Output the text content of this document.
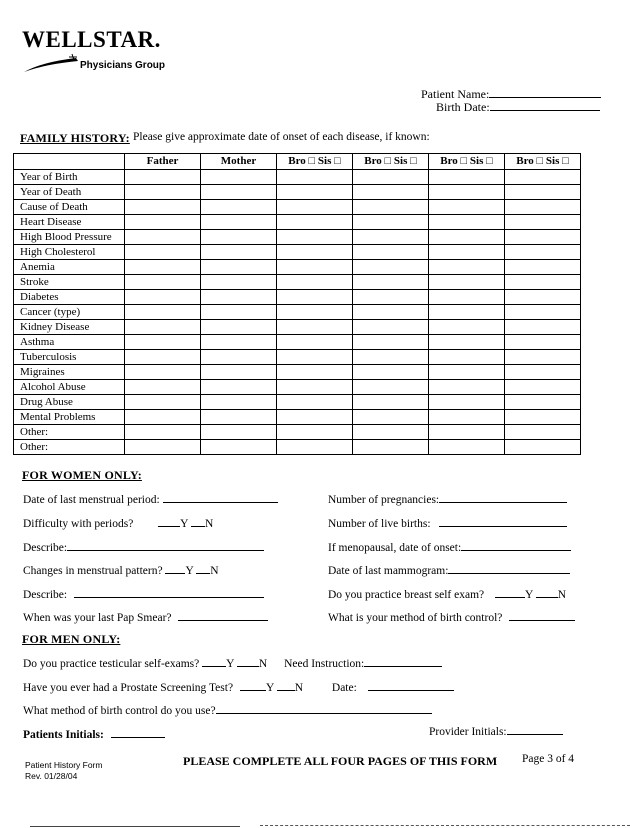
WELLSTAR.
Physicians Group
Patient Name:
Birth Date:
FAMILY HISTORY: Please give approximate date of onset of each disease, if known:
	Father	Mother	Bro □ Sis □	Bro □ Sis □	Bro □ Sis □	Bro □ Sis □
Year of Birth						
Year of Death						
Cause of Death						
Heart Disease						
High Blood Pressure						
High Cholesterol						
Anemia						
Stroke						
Diabetes						
Cancer (type)						
Kidney Disease						
Asthma						
Tuberculosis						
Migraines						
Alcohol Abuse						
Drug Abuse						
Mental Problems						
Other:						
Other:						
FOR WOMEN ONLY:
Date of last menstrual period:
Difficulty with periods?	Y N
Describe:
Changes in menstrual pattern? Y N
Describe:
When was your last Pap Smear?
Number of pregnancies:
Number of live births:
If menopausal, date of onset:
Date of last mammogram:
Do you practice breast self exam?	Y N
What is your method of birth control?
FOR MEN ONLY:
Do you practice testicular self-exams? Y N Need Instruction:
Have you ever had a Prostate Screening Test?	Y N	Date:
What method of birth control do you use?
Patients Initials:	Provider Initials:
Patient History Form
Rev. 01/28/04
PLEASE COMPLETE ALL FOUR PAGES OF THIS FORM Page 3 of 4
